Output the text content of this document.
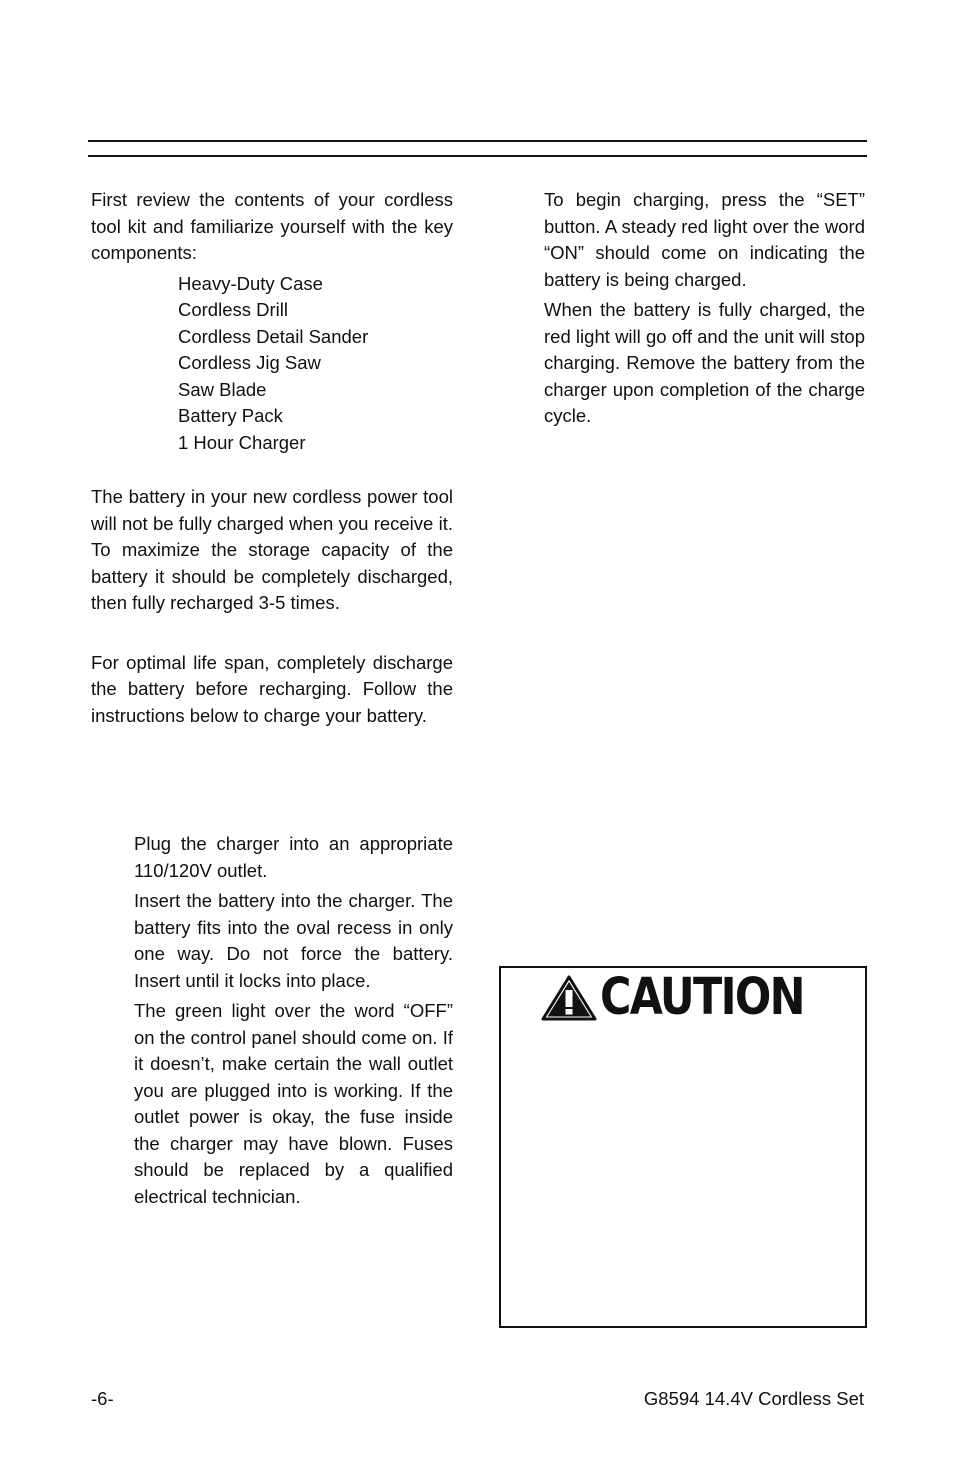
First review the contents of your cordless tool kit and familiarize yourself with the key components:

Heavy-Duty Case
Cordless Drill
Cordless Detail Sander
Cordless Jig Saw
Saw Blade
Battery Pack
1 Hour Charger

The battery in your new cordless power tool will not be fully charged when you receive it. To maximize the storage capacity of the battery it should be completely discharged, then fully recharged 3-5 times.

For optimal life span, completely discharge the battery before recharging. Follow the instructions below to charge your battery.

Plug the charger into an appropriate 110/120V outlet.
Insert the battery into the charger. The battery fits into the oval recess in only one way. Do not force the battery. Insert until it locks into place.
The green light over the word “OFF” on the control panel should come on. If it doesn’t, make certain the wall outlet you are plugged into is working. If the outlet power is okay, the fuse inside the charger may have blown. Fuses should be replaced by a qualified electrical technician.

To begin charging, press the “SET” button. A steady red light over the word “ON” should come on indicating the battery is being charged.

When the battery is fully charged, the red light will go off and the unit will stop charging. Remove the battery from the charger upon completion of the charge cycle.

CAUTION
-6-	G8594 14.4V Cordless Set
